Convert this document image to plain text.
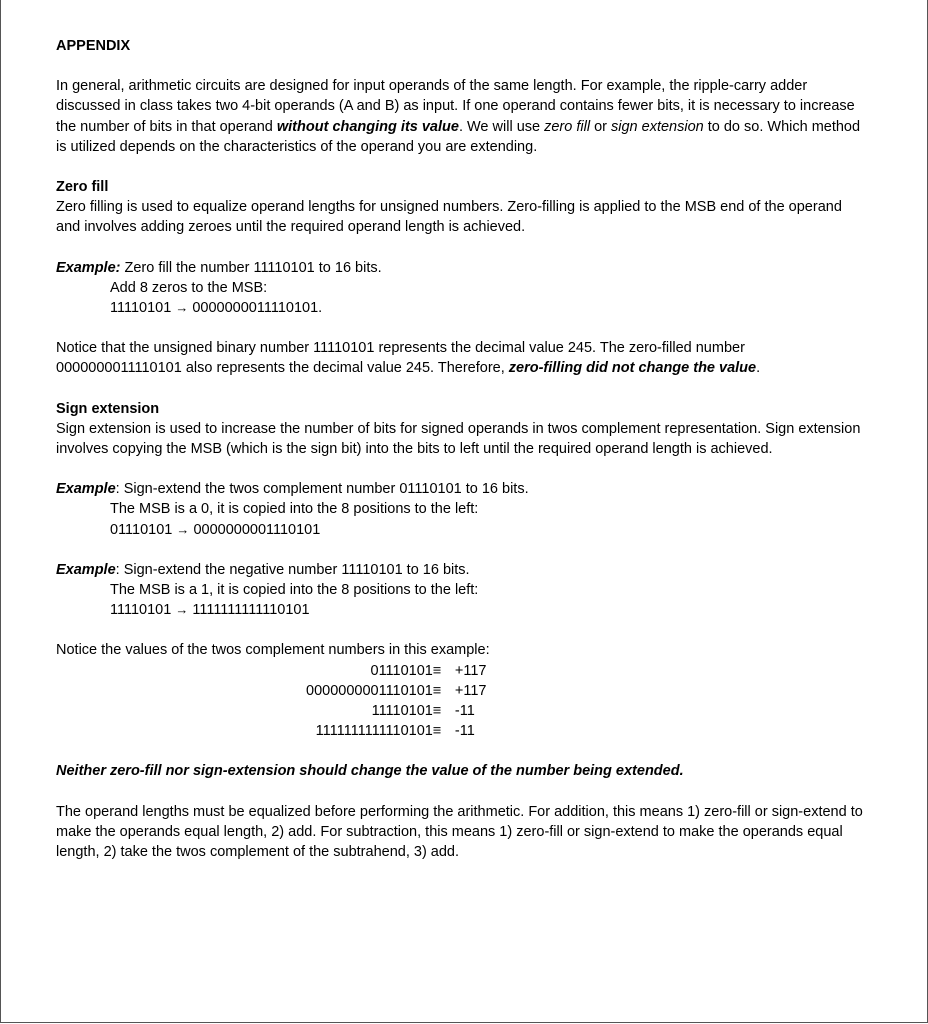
APPENDIX

In general, arithmetic circuits are designed for input operands of the same length. For example, the ripple-carry adder discussed in class takes two 4-bit operands (A and B) as input. If one operand contains fewer bits, it is necessary to increase the number of bits in that operand without changing its value. We will use zero fill or sign extension to do so. Which method is utilized depends on the characteristics of the operand you are extending.

Zero fill

Zero filling is used to equalize operand lengths for unsigned numbers. Zero-filling is applied to the MSB end of the operand and involves adding zeroes until the required operand length is achieved.

Example: Zero fill the number 11110101 to 16 bits.

Add 8 zeros to the MSB:

11110101 → 0000000011110101.

Notice that the unsigned binary number 11110101 represents the decimal value 245. The zero-filled number 0000000011110101 also represents the decimal value 245. Therefore, zero-filling did not change the value.

Sign extension

Sign extension is used to increase the number of bits for signed operands in twos complement representation. Sign extension involves copying the MSB (which is the sign bit) into the bits to left until the required operand length is achieved.

Example: Sign-extend the twos complement number 01110101 to 16 bits.

The MSB is a 0, it is copied into the 8 positions to the left:

01110101 → 0000000001110101

Example: Sign-extend the negative number 11110101 to 16 bits.

The MSB is a 1, it is copied into the 8 positions to the left:

11110101 → 1111111111110101

Notice the values of the twos complement numbers in this example:

01110101	≡	+117
0000000001110101	≡	+117
11110101	≡	-11
1111111111110101	≡	-11

Neither zero-fill nor sign-extension should change the value of the number being extended.

The operand lengths must be equalized before performing the arithmetic. For addition, this means 1) zero-fill or sign-extend to make the operands equal length, 2) add. For subtraction, this means 1) zero-fill or sign-extend to make the operands equal length, 2) take the twos complement of the subtrahend, 3) add.
